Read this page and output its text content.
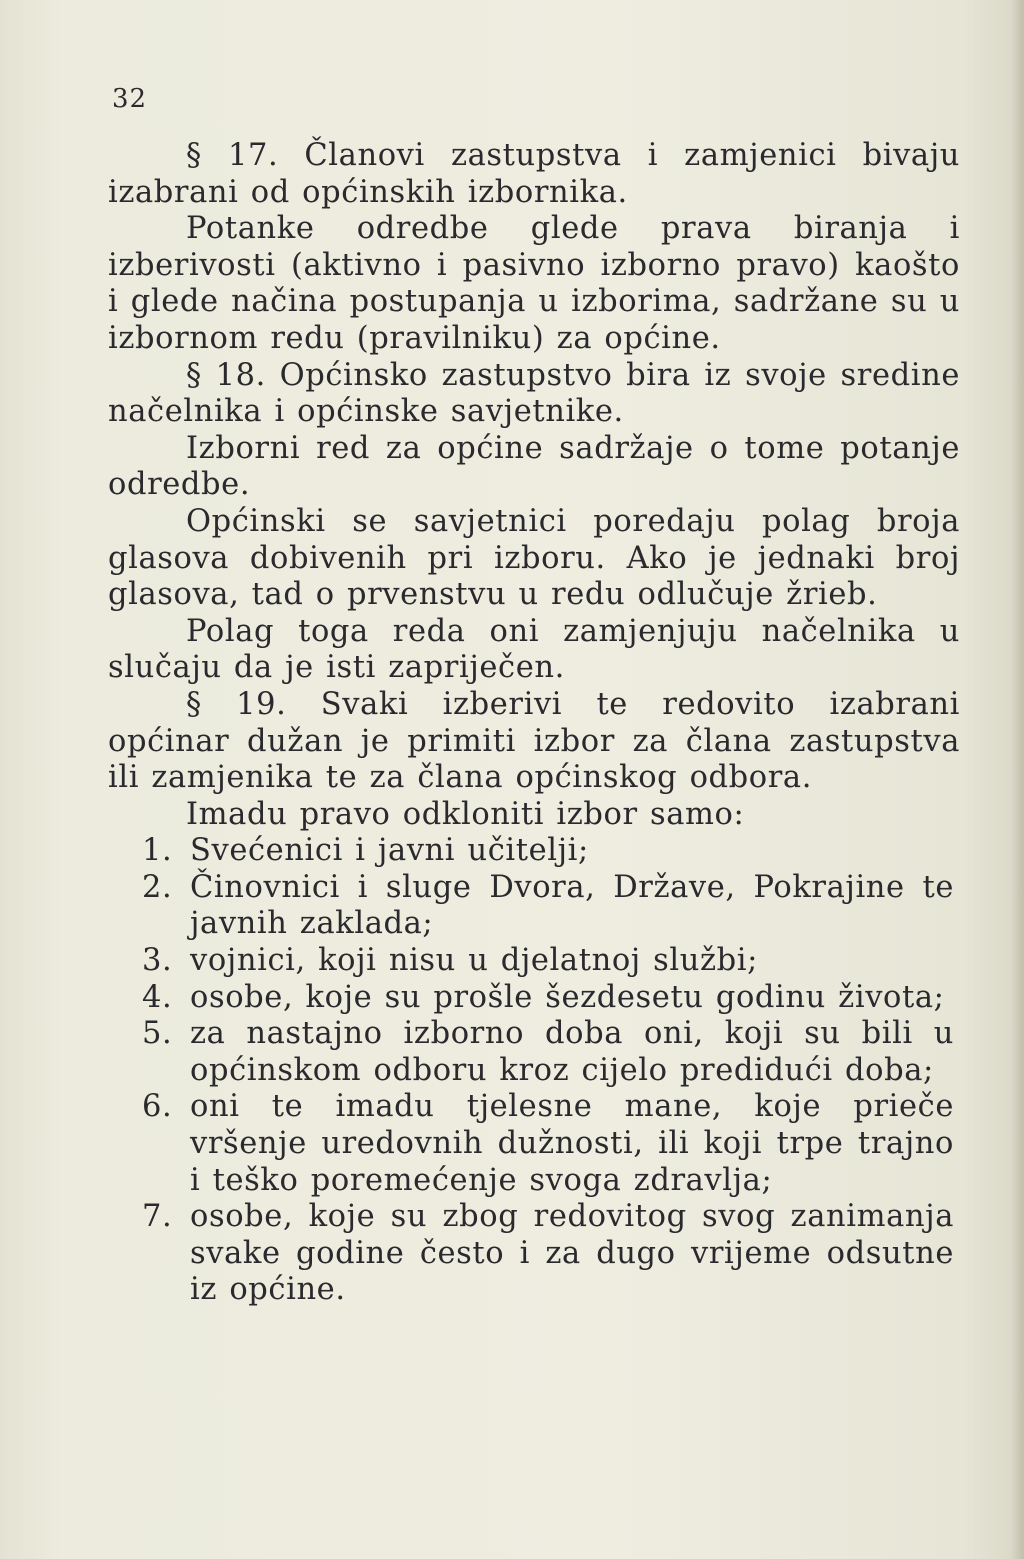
32

§ 17. Članovi zastupstva i zamjenici bivaju izabrani od općinskih izbornika.

Potanke odredbe glede prava biranja i izberivosti (aktivno i pasivno izborno pravo) kaošto i glede načina postupanja u izborima, sadržane su u izbornom redu (pravilniku) za općine.

§ 18. Općinsko zastupstvo bira iz svoje sredine načelnika i općinske savjetnike.

Izborni red za općine sadržaje o tome potanje odredbe.

Općinski se savjetnici poredaju polag broja glasova dobivenih pri izboru. Ako je jednaki broj glasova, tad o prvenstvu u redu odlučuje žrieb.

Polag toga reda oni zamjenjuju načelnika u slučaju da je isti zapriječen.

§ 19. Svaki izberivi te redovito izabrani općinar dužan je primiti izbor za člana zastupstva ili zamjenika te za člana općinskog odbora.

Imadu pravo odkloniti izbor samo:

1. Svećenici i javni učitelji;
2. Činovnici i sluge Dvora, Države, Pokrajine te javnih zaklada;
3. vojnici, koji nisu u djelatnoj službi;
4. osobe, koje su prošle šezdesetu godinu života;
5. za nastajno izborno doba oni, koji su bili u općinskom odboru kroz cijelo predidući doba;
6. oni te imadu tjelesne mane, koje prieče vršenje uredovnih dužnosti, ili koji trpe trajno i teško poremećenje svoga zdravlja;
7. osobe, koje su zbog redovitog svog zanimanja svake godine često i za dugo vrijeme odsutne iz općine.
